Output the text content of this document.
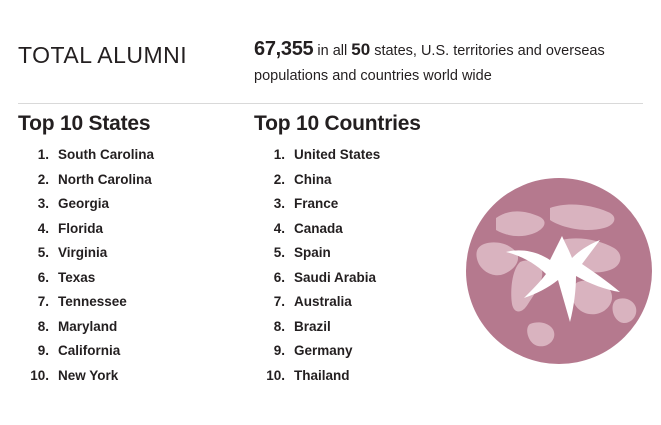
TOTAL ALUMNI	67,355 in all 50 states, U.S. territories and overseas populations and countries world wide
Top 10 States
1. South Carolina
2. North Carolina
3. Georgia
4. Florida
5. Virginia
6. Texas
7. Tennessee
8. Maryland
9. California
10. New York
Top 10 Countries
1. United States
2. China
3. France
4. Canada
5. Spain
6. Saudi Arabia
7. Australia
8. Brazil
9. Germany
10. Thailand
